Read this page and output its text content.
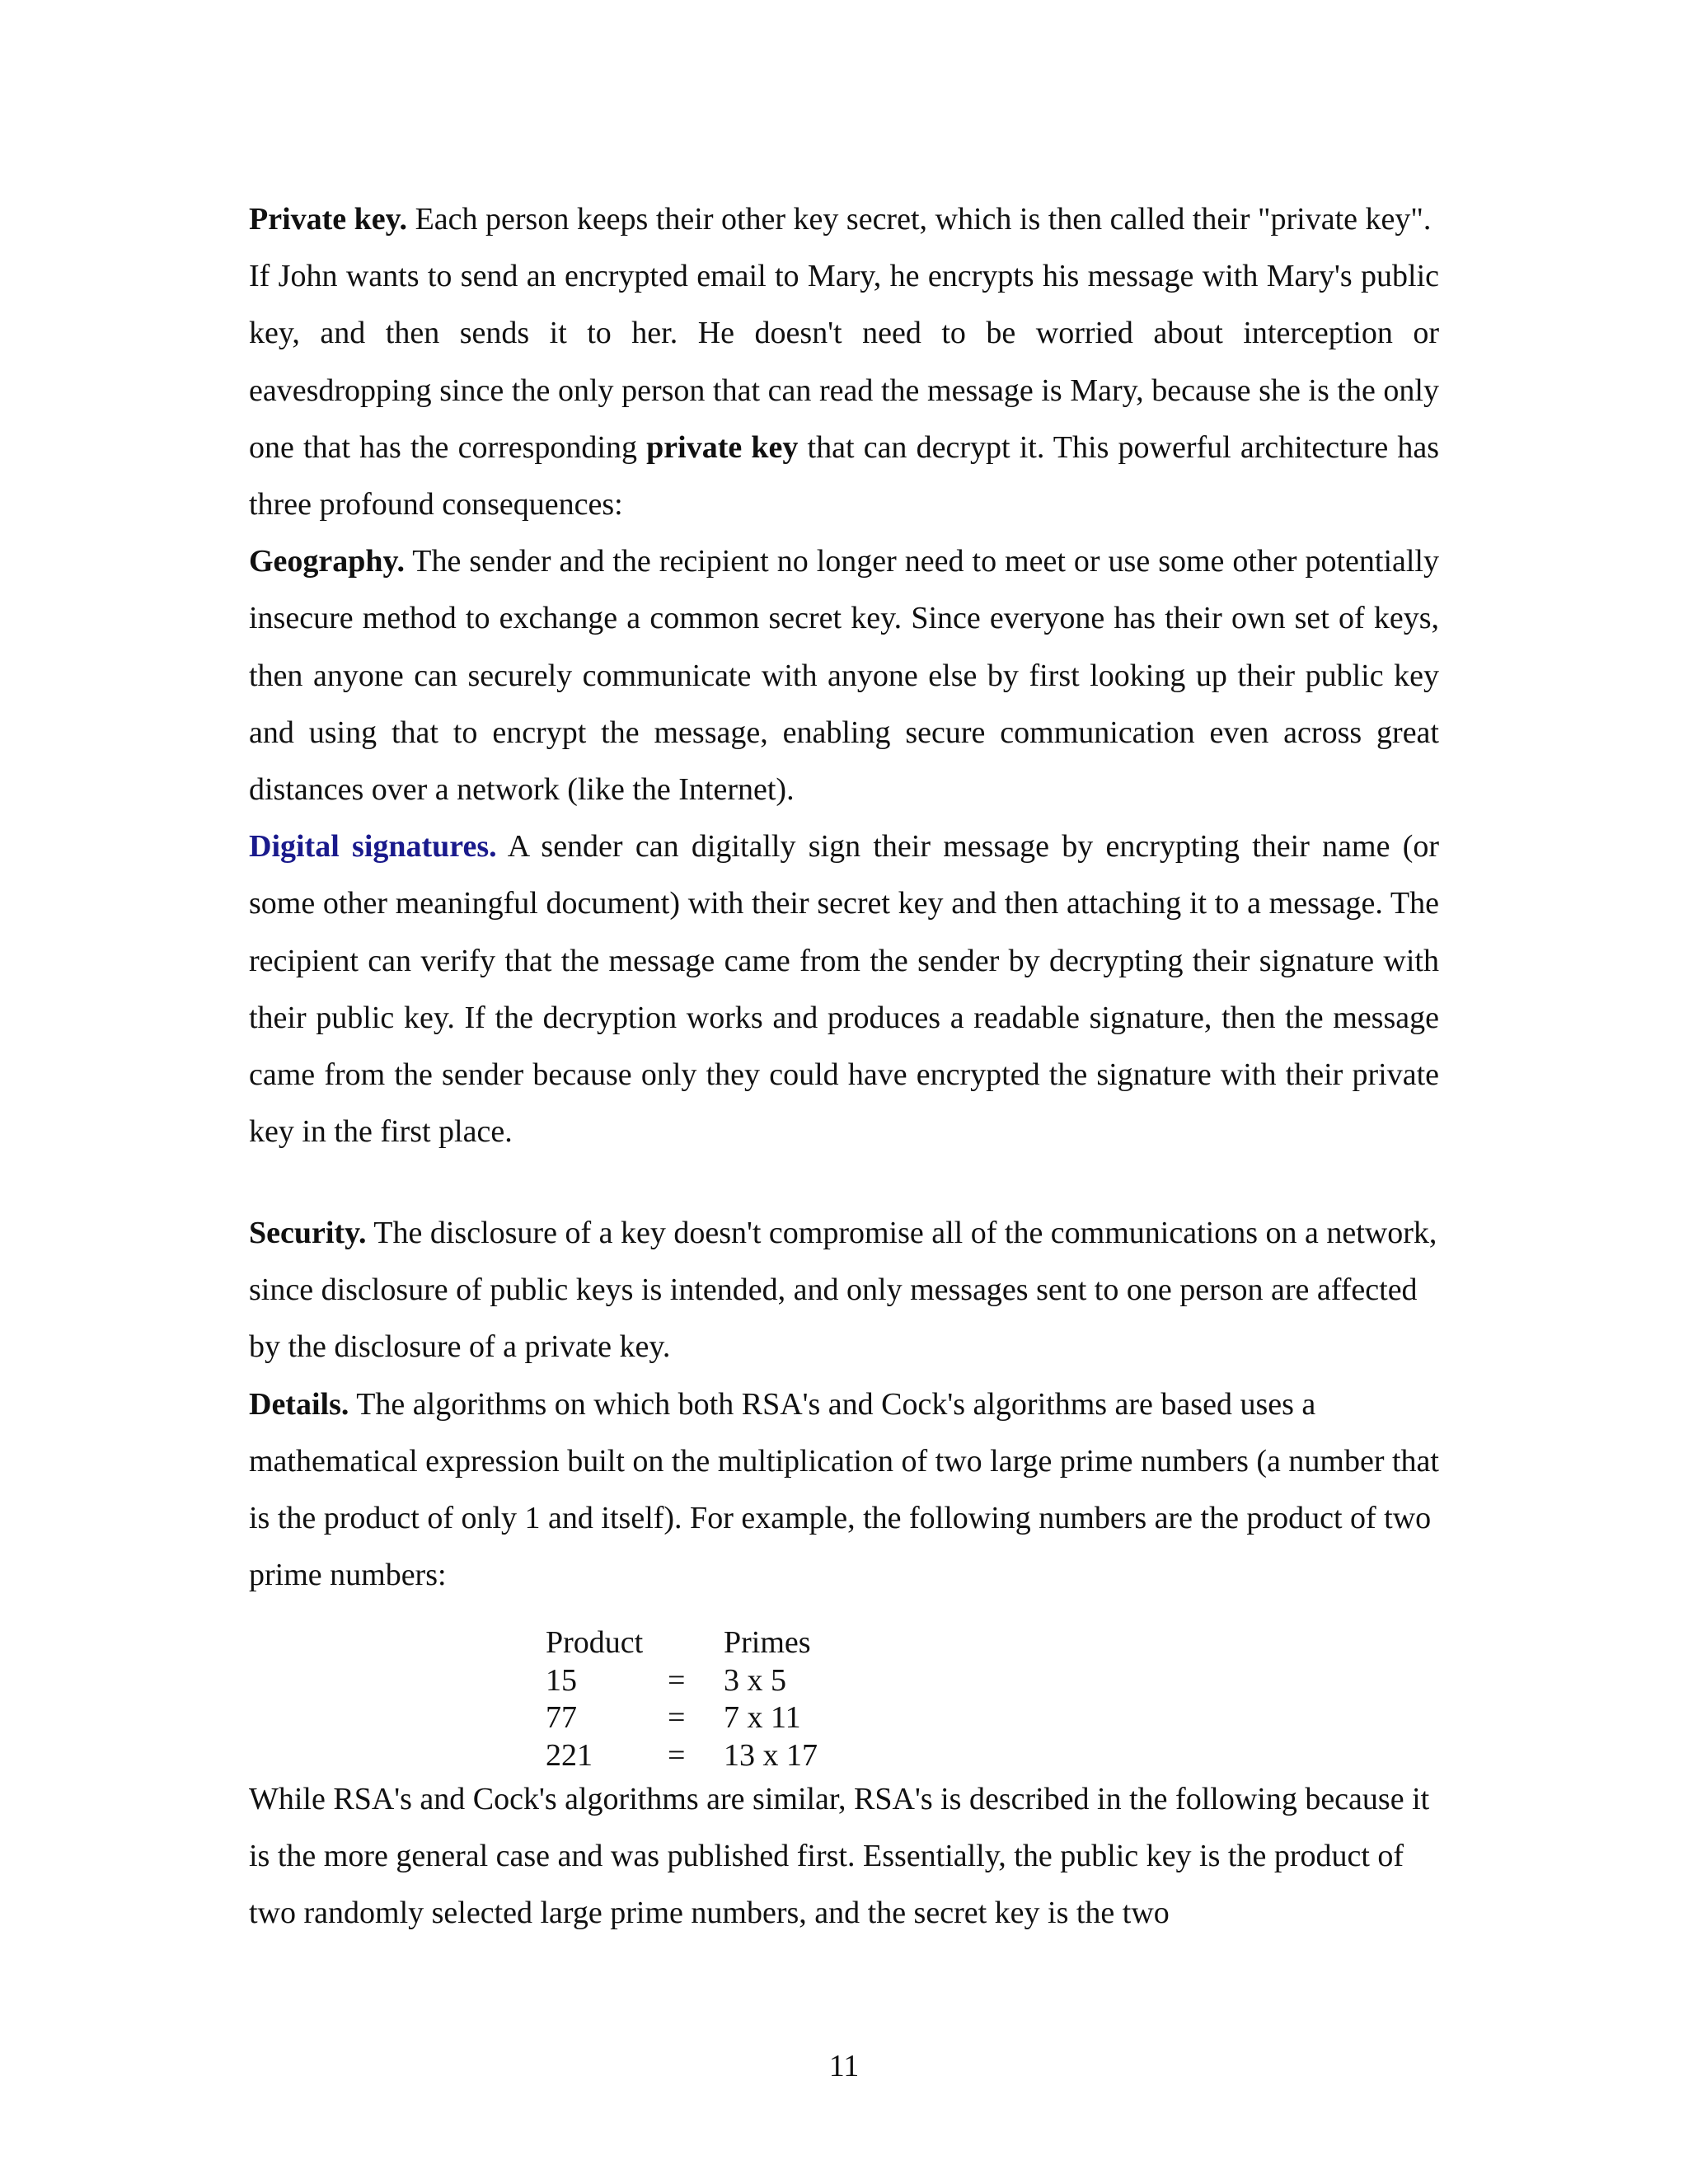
Private key. Each person keeps their other key secret, which is then called their "private key".
If John wants to send an encrypted email to Mary, he encrypts his message with Mary's public key, and then sends it to her. He doesn't need to be worried about interception or eavesdropping since the only person that can read the message is Mary, because she is the only one that has the corresponding private key that can decrypt it. This powerful architecture has three profound consequences:
Geography. The sender and the recipient no longer need to meet or use some other potentially insecure method to exchange a common secret key. Since everyone has their own set of keys, then anyone can securely communicate with anyone else by first looking up their public key and using that to encrypt the message, enabling secure communication even across great distances over a network (like the Internet).
Digital signatures. A sender can digitally sign their message by encrypting their name (or some other meaningful document) with their secret key and then attaching it to a message. The recipient can verify that the message came from the sender by decrypting their signature with their public key. If the decryption works and produces a readable signature, then the message came from the sender because only they could have encrypted the signature with their private key in the first place.
Security. The disclosure of a key doesn't compromise all of the communications on a network, since disclosure of public keys is intended, and only messages sent to one person are affected by the disclosure of a private key.
Details. The algorithms on which both RSA's and Cock's algorithms are based uses a mathematical expression built on the multiplication of two large prime numbers (a number that is the product of only 1 and itself). For example, the following numbers are the product of two prime numbers:
Product	Primes
15	=	3 x 5
77	=	7 x 11
221	=	13 x 17
While RSA's and Cock's algorithms are similar, RSA's is described in the following because it is the more general case and was published first. Essentially, the public key is the product of two randomly selected large prime numbers, and the secret key is the two
11
